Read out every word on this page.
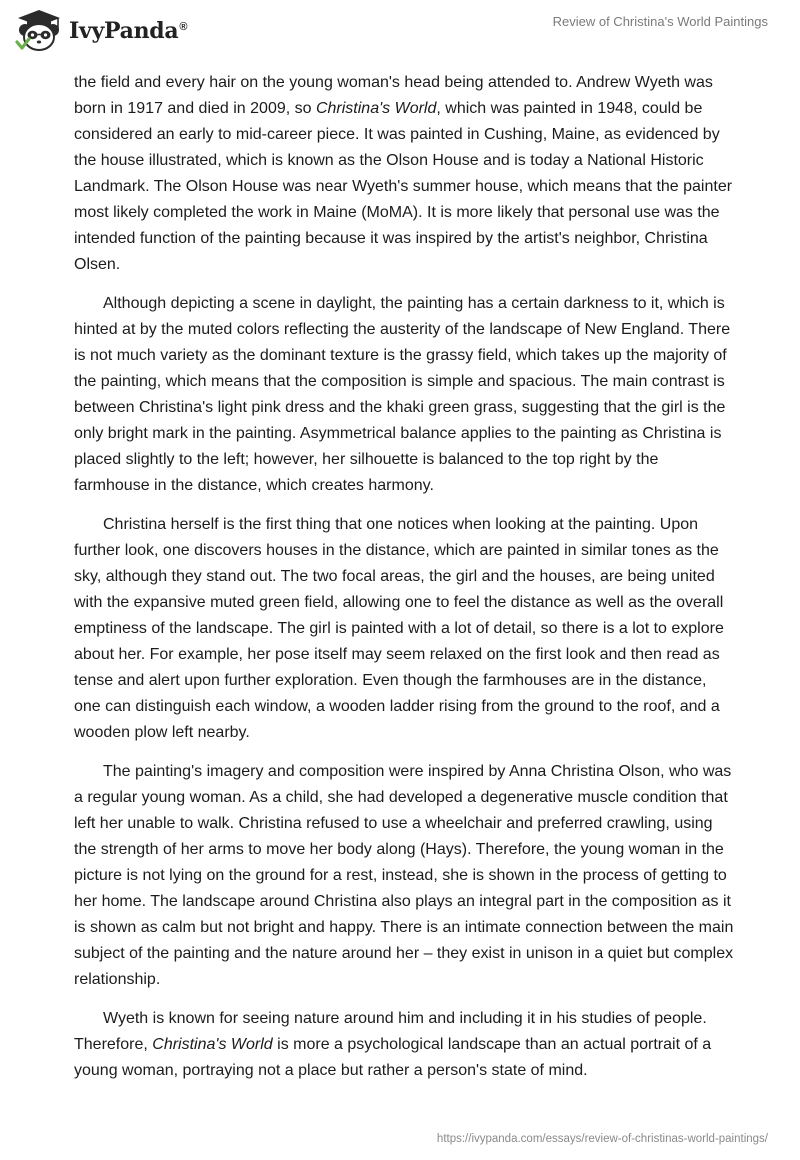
IvyPanda®	Review of Christina's World Paintings

the field and every hair on the young woman's head being attended to. Andrew Wyeth was born in 1917 and died in 2009, so Christina's World, which was painted in 1948, could be considered an early to mid-career piece. It was painted in Cushing, Maine, as evidenced by the house illustrated, which is known as the Olson House and is today a National Historic Landmark. The Olson House was near Wyeth's summer house, which means that the painter most likely completed the work in Maine (MoMA). It is more likely that personal use was the intended function of the painting because it was inspired by the artist's neighbor, Christina Olsen.

Although depicting a scene in daylight, the painting has a certain darkness to it, which is hinted at by the muted colors reflecting the austerity of the landscape of New England. There is not much variety as the dominant texture is the grassy field, which takes up the majority of the painting, which means that the composition is simple and spacious. The main contrast is between Christina's light pink dress and the khaki green grass, suggesting that the girl is the only bright mark in the painting. Asymmetrical balance applies to the painting as Christina is placed slightly to the left; however, her silhouette is balanced to the top right by the farmhouse in the distance, which creates harmony.

Christina herself is the first thing that one notices when looking at the painting. Upon further look, one discovers houses in the distance, which are painted in similar tones as the sky, although they stand out. The two focal areas, the girl and the houses, are being united with the expansive muted green field, allowing one to feel the distance as well as the overall emptiness of the landscape. The girl is painted with a lot of detail, so there is a lot to explore about her. For example, her pose itself may seem relaxed on the first look and then read as tense and alert upon further exploration. Even though the farmhouses are in the distance, one can distinguish each window, a wooden ladder rising from the ground to the roof, and a wooden plow left nearby.

The painting's imagery and composition were inspired by Anna Christina Olson, who was a regular young woman. As a child, she had developed a degenerative muscle condition that left her unable to walk. Christina refused to use a wheelchair and preferred crawling, using the strength of her arms to move her body along (Hays). Therefore, the young woman in the picture is not lying on the ground for a rest, instead, she is shown in the process of getting to her home. The landscape around Christina also plays an integral part in the composition as it is shown as calm but not bright and happy. There is an intimate connection between the main subject of the painting and the nature around her – they exist in unison in a quiet but complex relationship.

Wyeth is known for seeing nature around him and including it in his studies of people. Therefore, Christina's World is more a psychological landscape than an actual portrait of a young woman, portraying not a place but rather a person's state of mind.

https://ivypanda.com/essays/review-of-christinas-world-paintings/
